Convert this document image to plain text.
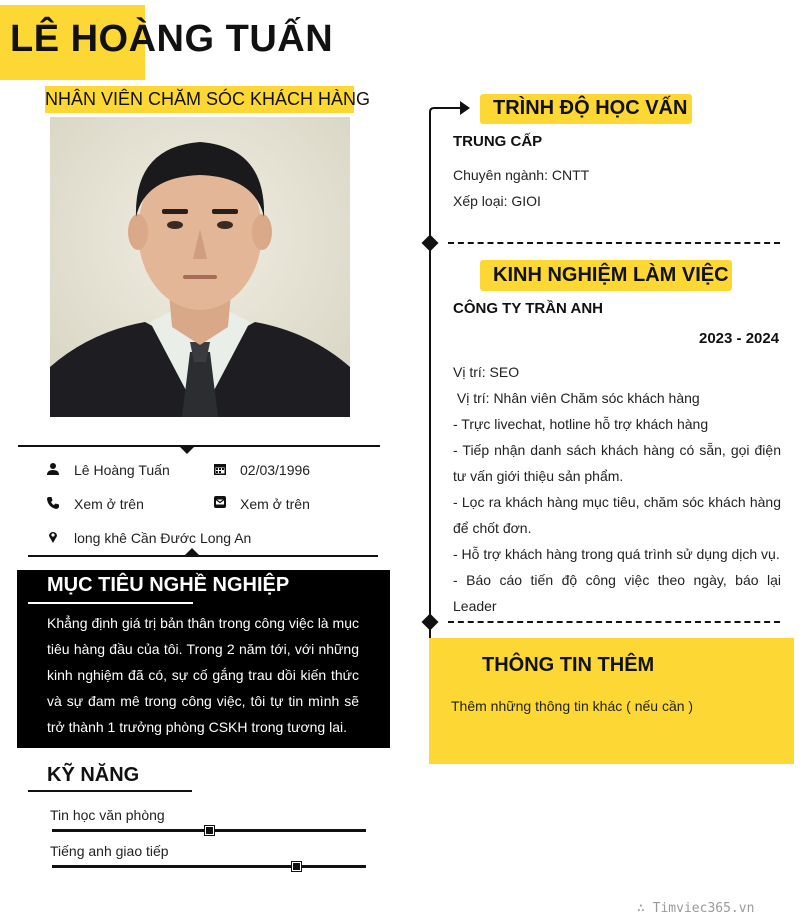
LÊ HOÀNG TUẤN
NHÂN VIÊN CHĂM SÓC KHÁCH HÀNG
Lê Hoàng Tuấn	02/03/1996
Xem ở trên	Xem ở trên
long khê Cần Đước Long An
MỤC TIÊU NGHỀ NGHIỆP
Khẳng định giá trị bản thân trong công việc là mục tiêu hàng đầu của tôi. Trong 2 năm tới, với những kinh nghiệm đã có, sự cố gắng trau dồi kiến thức và sự đam mê trong công việc, tôi tự tin mình sẽ trở thành 1 trưởng phòng CSKH trong tương lai.
KỸ NĂNG
Tin học văn phòng
Tiếng anh giao tiếp
TRÌNH ĐỘ HỌC VẤN
TRUNG CẤP
Chuyên ngành: CNTT
Xếp loại: GIOI
KINH NGHIỆM LÀM VIỆC
CÔNG TY TRẦN ANH
2023 - 2024
Vị trí: SEO
Vị trí: Nhân viên Chăm sóc khách hàng
- Trực livechat, hotline hỗ trợ khách hàng
- Tiếp nhận danh sách khách hàng có sẵn, gọi điện tư vấn giới thiệu sản phẩm.
- Lọc ra khách hàng mục tiêu, chăm sóc khách hàng để chốt đơn.
- Hỗ trợ khách hàng trong quá trình sử dụng dịch vụ.
- Báo cáo tiến độ công việc theo ngày, báo lại Leader
THÔNG TIN THÊM
Thêm những thông tin khác ( nếu cần )
∴ Timviec365.vn
